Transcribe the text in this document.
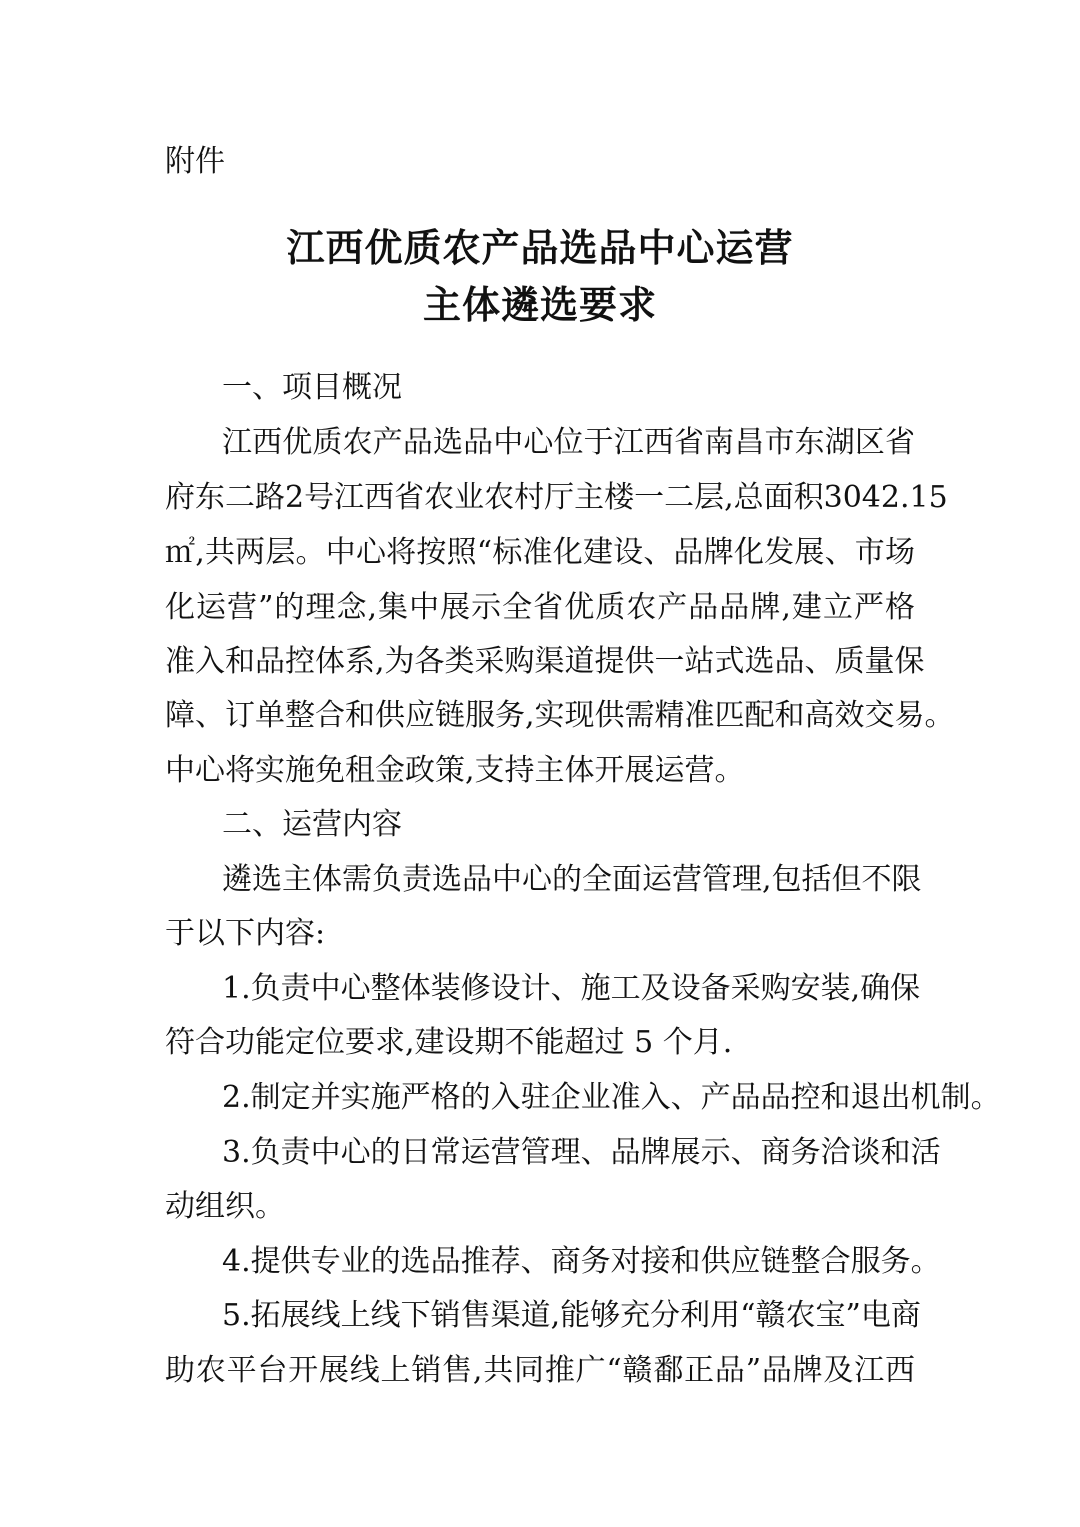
附件
江西优质农产品选品中心运营
主体遴选要求
一、项目概况
江西优质农产品选品中心位于江西省南昌市东湖区省
府东二路2号江西省农业农村厅主楼一二层,总面积3042.15
㎡,共两层。中心将按照“标准化建设、品牌化发展、市场
化运营”的理念,集中展示全省优质农产品品牌,建立严格
准入和品控体系,为各类采购渠道提供一站式选品、质量保
障、订单整合和供应链服务,实现供需精准匹配和高效交易。
中心将实施免租金政策,支持主体开展运营。
二、运营内容
遴选主体需负责选品中心的全面运营管理,包括但不限
于以下内容:
1.负责中心整体装修设计、施工及设备采购安装,确保
符合功能定位要求,建设期不能超过 5 个月.
2.制定并实施严格的入驻企业准入、产品品控和退出机制。
3.负责中心的日常运营管理、品牌展示、商务洽谈和活
动组织。
4.提供专业的选品推荐、商务对接和供应链整合服务。
5.拓展线上线下销售渠道,能够充分利用“赣农宝”电商
助农平台开展线上销售,共同推广“赣鄱正品”品牌及江西
